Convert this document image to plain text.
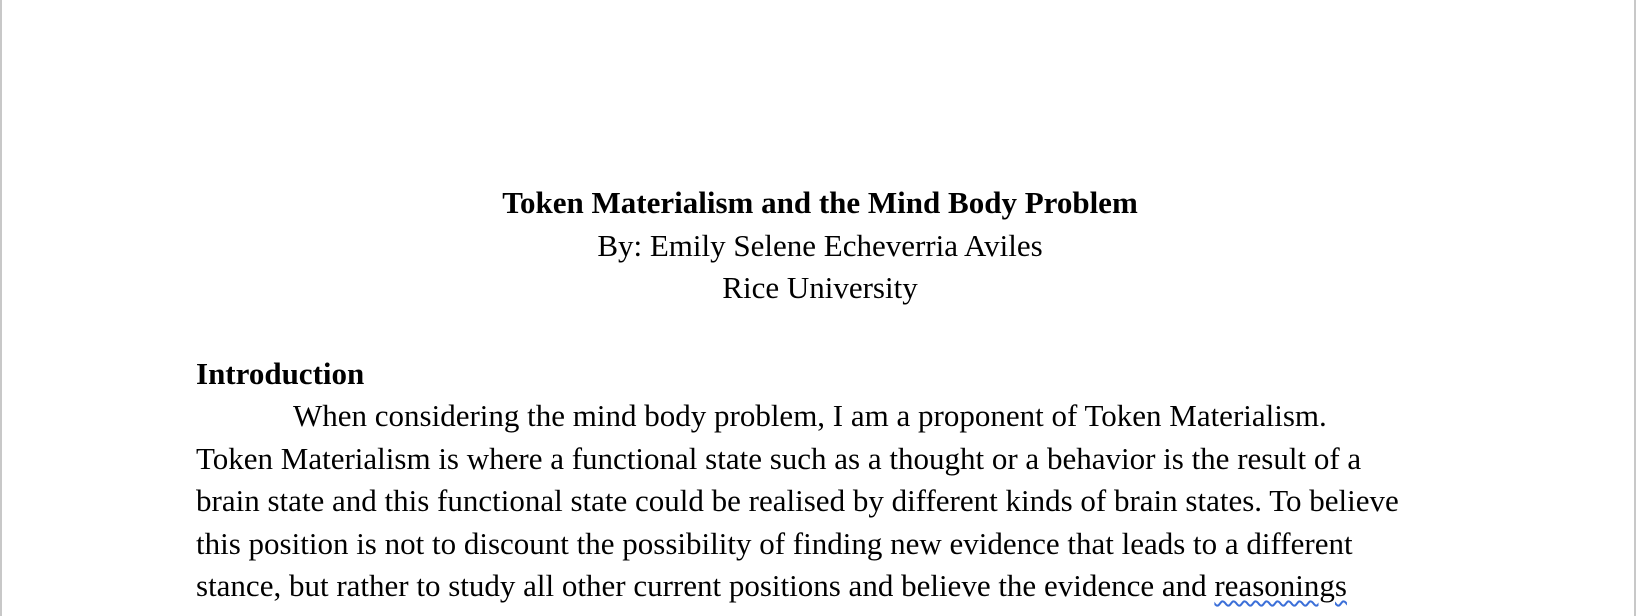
Token Materialism and the Mind Body Problem
By: Emily Selene Echeverria Aviles
Rice University
Introduction
When considering the mind body problem, I am a proponent of Token Materialism.
Token Materialism is where a functional state such as a thought or a behavior is the result of a
brain state and this functional state could be realised by different kinds of brain states. To believe
this position is not to discount the possibility of finding new evidence that leads to a different
stance, but rather to study all other current positions and believe the evidence and reasonings
